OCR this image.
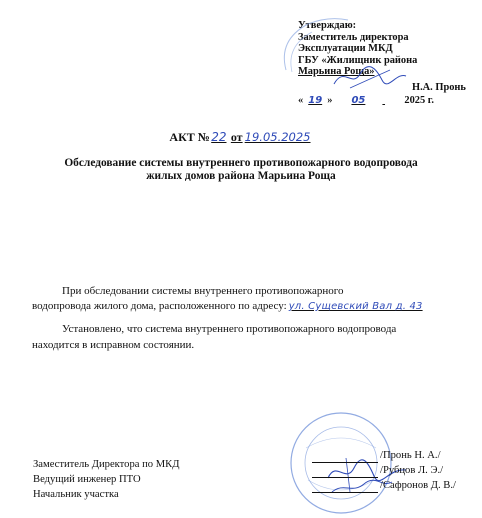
Утверждаю:
Заместитель директора
Эксплуатации МКД
ГБУ «Жилищник района
Марьина Роща»
Н.А. Пронь
« 19 » 05	2025 г.
АКТ №22 от 19.05.2025
Обследование системы внутреннего противопожарного водопровода
жилых домов района Марьина Роща
При обследовании системы внутреннего противопожарного
водопровода жилого дома, расположенного по адресу: ул. Сущевский Вал д. 43
Установлено, что система внутреннего противопожарного водопровода
находится в исправном состоянии.
Заместитель Директора по МКД
Ведущий инженер ПТО
Начальник участка
/Пронь Н. А./
/Рубцов Л. Э./
/Сафронов Д. В./
